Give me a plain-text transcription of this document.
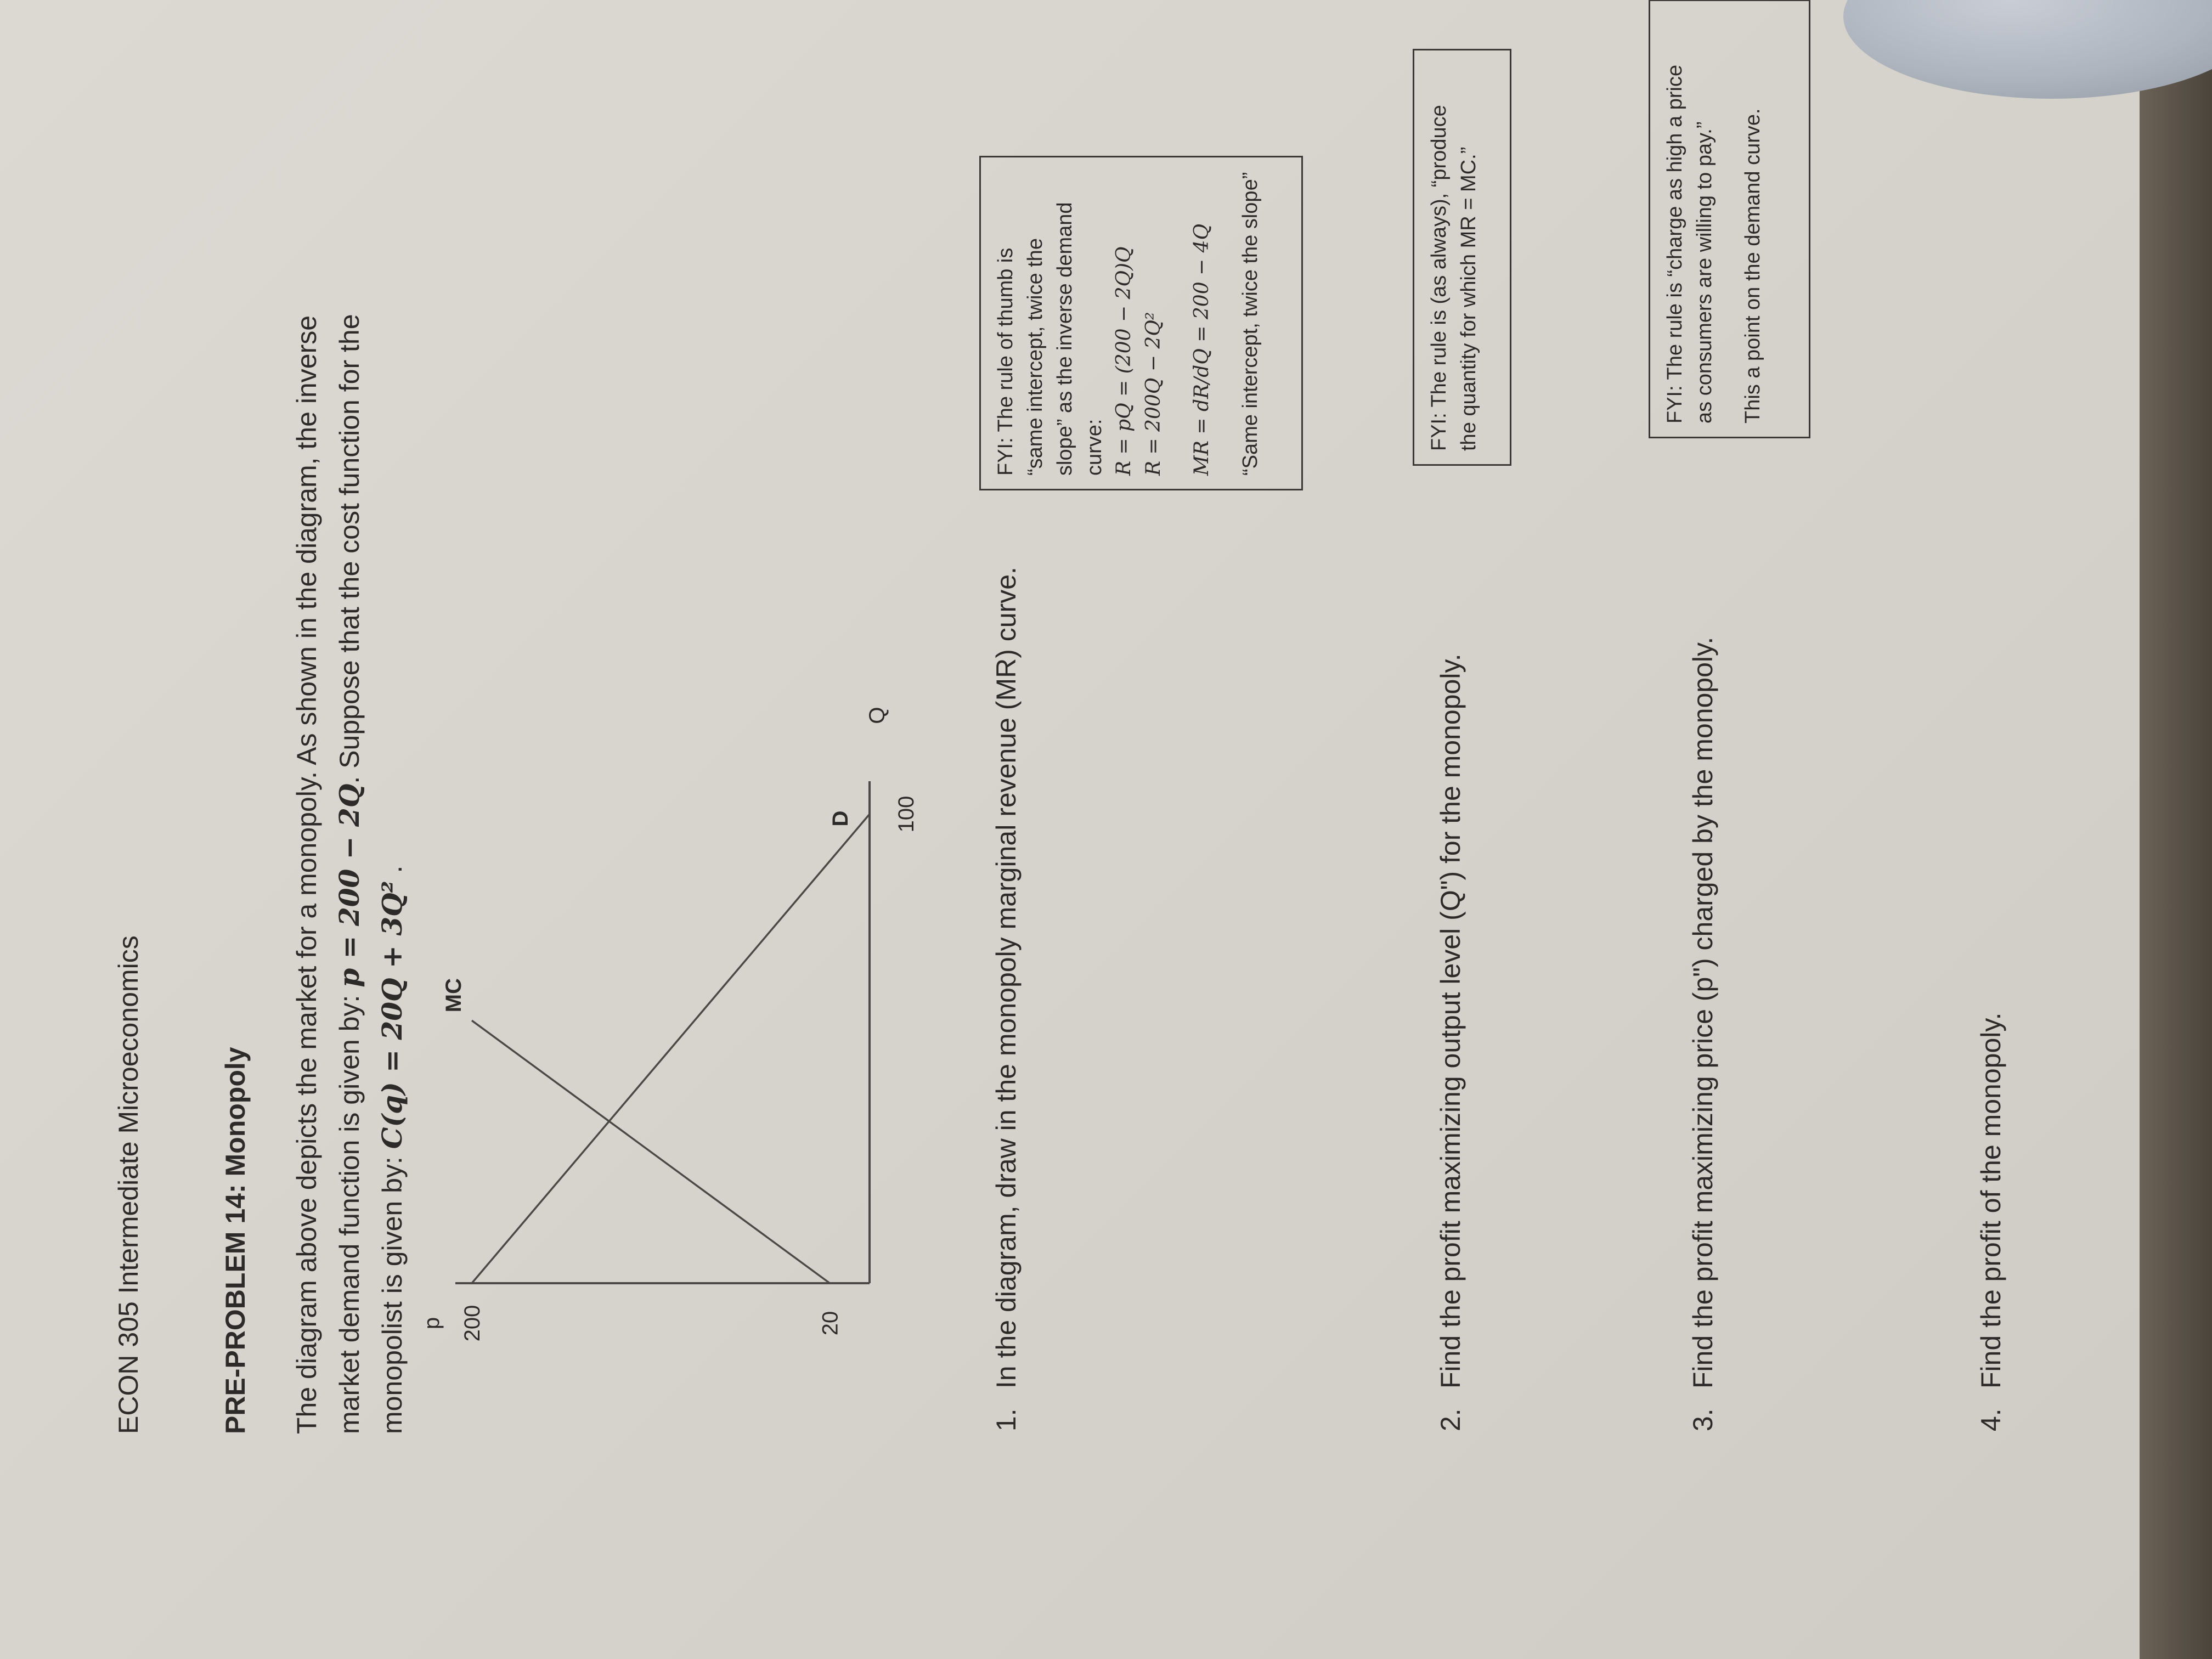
ECON 305 Intermediate Microeconomics	PRE-PROBLEM 14: Monopoly The diagram above depicts the market for a monopoly. As shown in the diagram, the inverse market demand function is given by: p = 200 − 2Q. Suppose that the cost function for the

monopolist is given by: C(q) = 20Q + 3Q² .

p
Q
100
200	20
D
MC
1.In the diagram, draw in the monopoly marginal revenue (MR) curve.

FYI: The rule of thumb is “same intercept, twice the slope” as the inverse demand curve: R = pQ = (200 − 2Q)Q R = 200Q − 2Q² MR = dR/dQ = 200 − 4Q “Same intercept, twice the slope”

2.Find the profit maximizing output level (Q") for the monopoly.

FYI: The rule is (as always), “produce the quantity for which MR = MC.”

3.Find the profit maximizing price (p") charged by the monopoly.

FYI: The rule is “charge as high a price as consumers are willing to pay.” This a point on the demand curve.

4.Find the profit of the monopoly.
